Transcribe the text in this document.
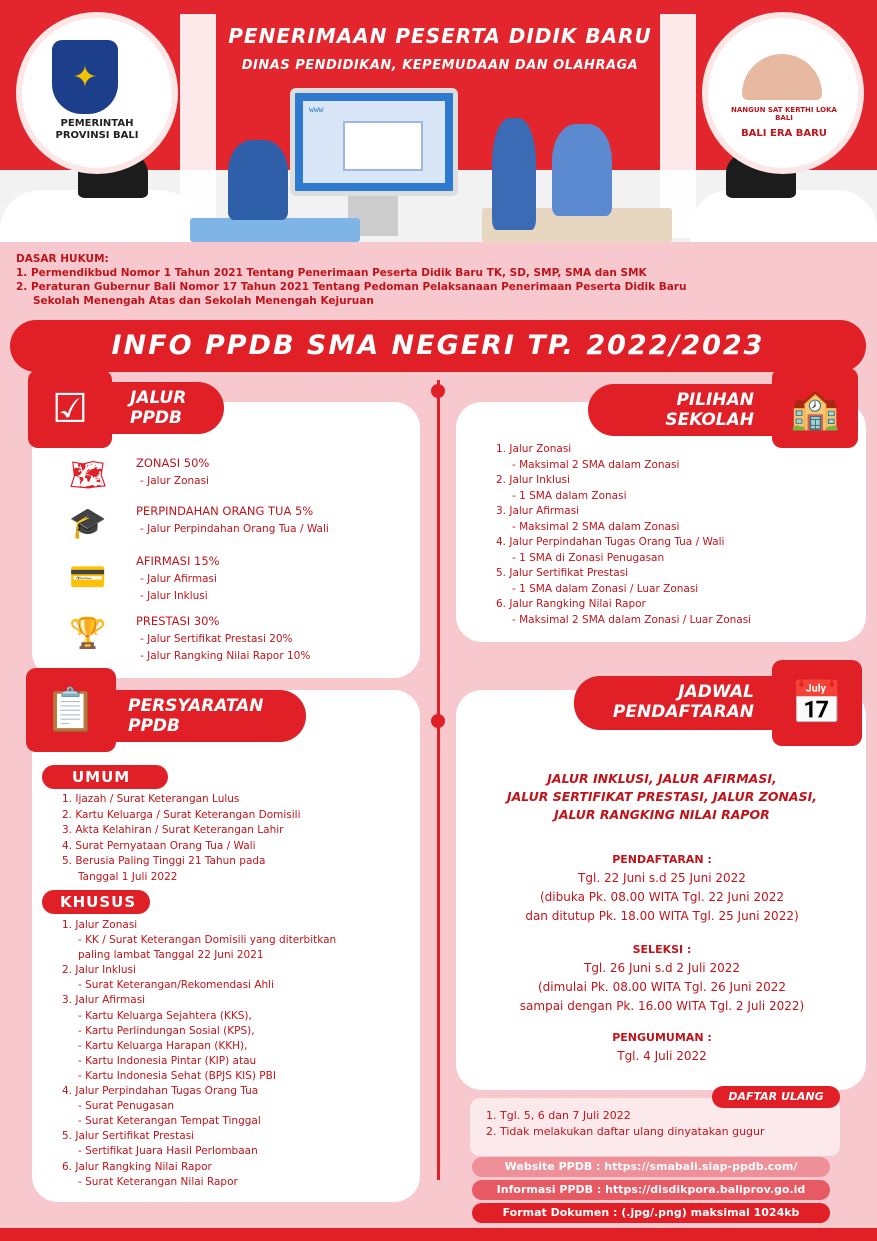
✦
PEMERINTAH PROVINSI BALI
NANGUN SAT KERTHI LOKA BALI
BALI ERA BARU
PENERIMAAN PESERTA DIDIK BARU
DINAS PENDIDIKAN, KEPEMUDAAN DAN OLAHRAGA
www
DASAR HUKUM:
1. Permendikbud Nomor 1 Tahun 2021 Tentang Penerimaan Peserta Didik Baru TK, SD, SMP, SMA dan SMK
2. Peraturan Gubernur Bali Nomor 17 Tahun 2021 Tentang Pedoman Pelaksanaan Penerimaan Peserta Didik Baru
Sekolah Menengah Atas dan Sekolah Menengah Kejuruan
INFO PPDB SMA NEGERI TP. 2022/2023
☑	JALUR
PPDB
🗺	ZONASI 50%
- Jalur Zonasi
🎓	PERPINDAHAN ORANG TUA 5%
- Jalur Perpindahan Orang Tua / Wali
💳	AFIRMASI 15%
- Jalur Afirmasi
- Jalur Inklusi
🏆	PRESTASI 30%
- Jalur Sertifikat Prestasi 20%
- Jalur Rangking Nilai Rapor 10%
PILIHAN
SEKOLAH 🏫
1. Jalur Zonasi
- Maksimal 2 SMA dalam Zonasi
2. Jalur Inklusi
- 1 SMA dalam Zonasi
3. Jalur Afirmasi
- Maksimal 2 SMA dalam Zonasi
4. Jalur Perpindahan Tugas Orang Tua / Wali
- 1 SMA di Zonasi Penugasan
5. Jalur Sertifikat Prestasi
- 1 SMA dalam Zonasi / Luar Zonasi
6. Jalur Rangking Nilai Rapor
- Maksimal 2 SMA dalam Zonasi / Luar Zonasi
📋	PERSYARATAN
PPDB
UMUM
1. Ijazah / Surat Keterangan Lulus
2. Kartu Keluarga / Surat Keterangan Domisili
3. Akta Kelahiran / Surat Keterangan Lahir
4. Surat Pernyataan Orang Tua / Wali
5. Berusia Paling Tinggi 21 Tahun pada
Tanggal 1 Juli 2022
KHUSUS
1. Jalur Zonasi
- KK / Surat Keterangan Domisili yang diterbitkan
paling lambat Tanggal 22 Juni 2021
2. Jalur Inklusi
- Surat Keterangan/Rekomendasi Ahli
3. Jalur Afirmasi
- Kartu Keluarga Sejahtera (KKS),
- Kartu Perlindungan Sosial (KPS),
- Kartu Keluarga Harapan (KKH),
- Kartu Indonesia Pintar (KIP) atau
- Kartu Indonesia Sehat (BPJS KIS) PBI
4. Jalur Perpindahan Tugas Orang Tua
- Surat Penugasan
- Surat Keterangan Tempat Tinggal
5. Jalur Sertifikat Prestasi
- Sertifikat Juara Hasil Perlombaan
6. Jalur Rangking Nilai Rapor
- Surat Keterangan Nilai Rapor
JADWAL
PENDAFTARAN 📅
JALUR INKLUSI, JALUR AFIRMASI,
JALUR SERTIFIKAT PRESTASI, JALUR ZONASI,
JALUR RANGKING NILAI RAPOR
PENDAFTARAN :
Tgl. 22 Juni s.d 25 Juni 2022
(dibuka Pk. 08.00 WITA Tgl. 22 Juni 2022
dan ditutup Pk. 18.00 WITA Tgl. 25 Juni 2022)
SELEKSI :
Tgl. 26 Juni s.d 2 Juli 2022
(dimulai Pk. 08.00 WITA Tgl. 26 Juni 2022
sampai dengan Pk. 16.00 WITA Tgl. 2 Juli 2022)
PENGUMUMAN :
Tgl. 4 Juli 2022
DAFTAR ULANG
1. Tgl. 5, 6 dan 7 Juli 2022
2. Tidak melakukan daftar ulang dinyatakan gugur
Website PPDB : https://smabali.siap-ppdb.com/
Informasi PPDB : https://disdikpora.baliprov.go.id
Format Dokumen : (.jpg/.png) maksimal 1024kb
